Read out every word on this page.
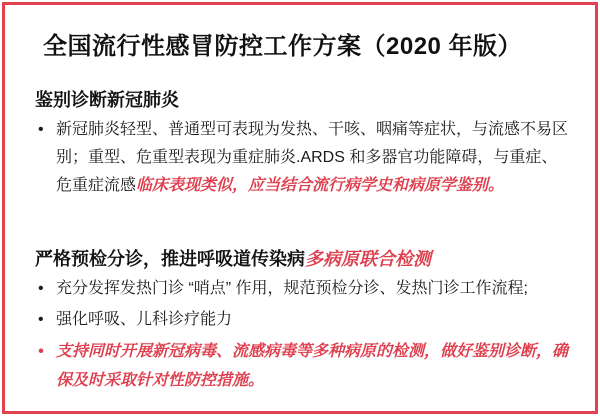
全国流行性感冒防控工作方案（2020 年版）
鉴别诊断新冠肺炎
• 新冠肺炎轻型、普通型可表现为发热、干咳、咽痛等症状，与流感不易区别；重型、危重型表现为重症肺炎.ARDS 和多器官功能障碍，与重症、危重症流感临床表现类似，应当结合流行病学史和病原学鉴别。
严格预检分诊，推进呼吸道传染病多病原联合检测
• 充分发挥发热门诊 “哨点” 作用，规范预检分诊、发热门诊工作流程;
• 强化呼吸、儿科诊疗能力
• 支持同时开展新冠病毒、流感病毒等多种病原的检测，做好鉴别诊断，确保及时采取针对性防控措施。
